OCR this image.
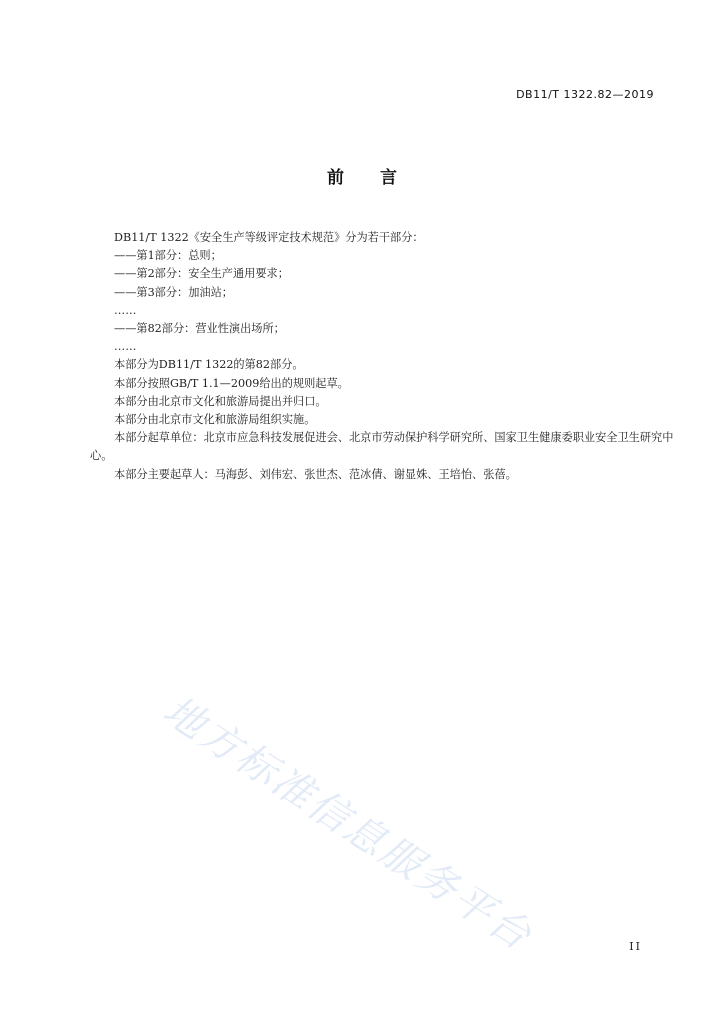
DB11/T 1322.82—2019
前言

DB11/T 1322《安全生产等级评定技术规范》分为若干部分：

——第1部分：总则；

——第2部分：安全生产通用要求；

——第3部分：加油站；

……

——第82部分：营业性演出场所；

……

本部分为DB11/T 1322的第82部分。

本部分按照GB/T 1.1—2009给出的规则起草。

本部分由北京市文化和旅游局提出并归口。

本部分由北京市文化和旅游局组织实施。

本部分起草单位：北京市应急科技发展促进会、北京市劳动保护科学研究所、国家卫生健康委职业安全卫生研究中心。

本部分主要起草人：马海彭、刘伟宏、张世杰、范冰倩、谢显姝、王培怡、张蓓。

地方标准信息服务平台	II
